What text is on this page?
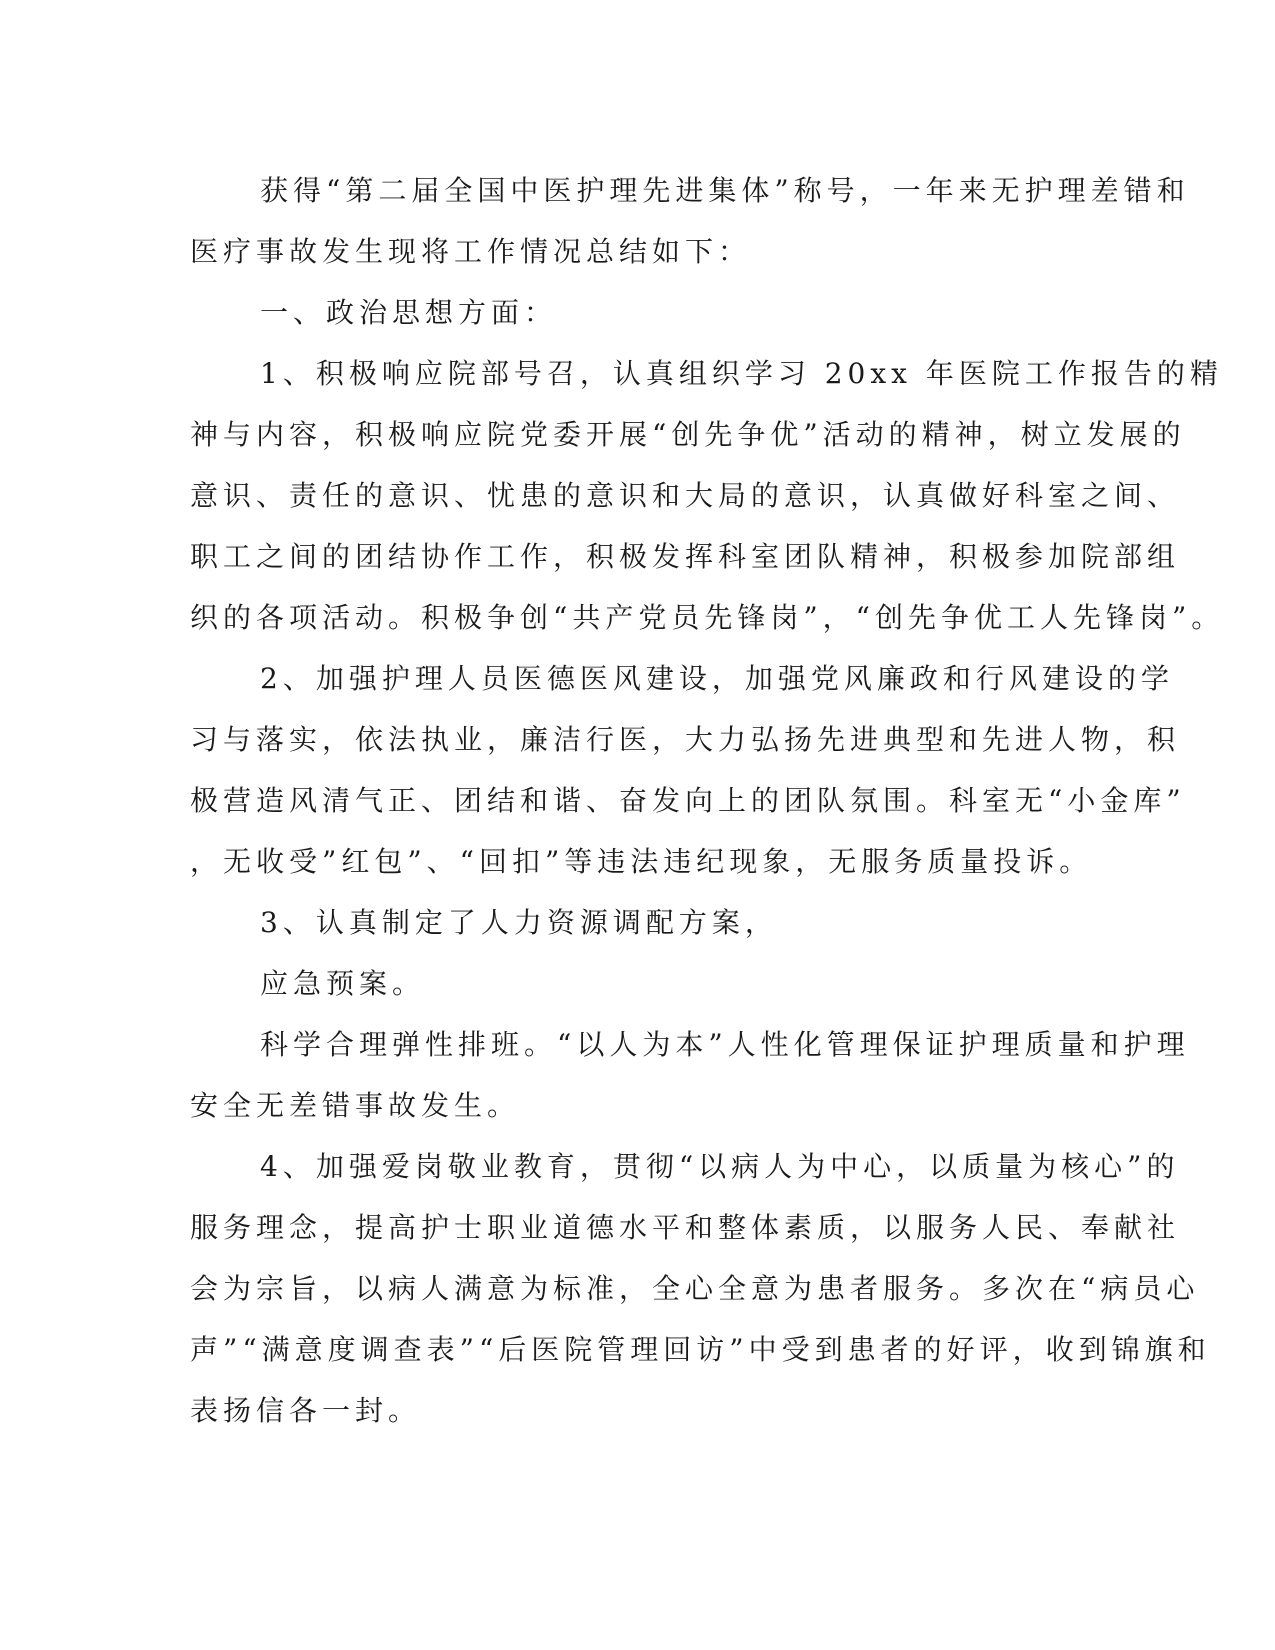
获得“第二届全国中医护理先进集体”称号，一年来无护理差错和
医疗事故发生现将工作情况总结如下：
一、政治思想方面：
1、积极响应院部号召，认真组织学习 20xx 年医院工作报告的精
神与内容，积极响应院党委开展“创先争优”活动的精神，树立发展的
意识、责任的意识、忧患的意识和大局的意识，认真做好科室之间、
职工之间的团结协作工作，积极发挥科室团队精神，积极参加院部组
织的各项活动。积极争创“共产党员先锋岗”，“创先争优工人先锋岗”。
2、加强护理人员医德医风建设，加强党风廉政和行风建设的学
习与落实，依法执业，廉洁行医，大力弘扬先进典型和先进人物，积
极营造风清气正、团结和谐、奋发向上的团队氛围。科室无“小金库”
，无收受”红包”、“回扣”等违法违纪现象，无服务质量投诉。
3、认真制定了人力资源调配方案，
应急预案。
科学合理弹性排班。“以人为本”人性化管理保证护理质量和护理
安全无差错事故发生。
4、加强爱岗敬业教育，贯彻“以病人为中心，以质量为核心”的
服务理念，提高护士职业道德水平和整体素质，以服务人民、奉献社
会为宗旨，以病人满意为标准，全心全意为患者服务。多次在“病员心
声”“满意度调查表”“后医院管理回访”中受到患者的好评，收到锦旗和
表扬信各一封。
